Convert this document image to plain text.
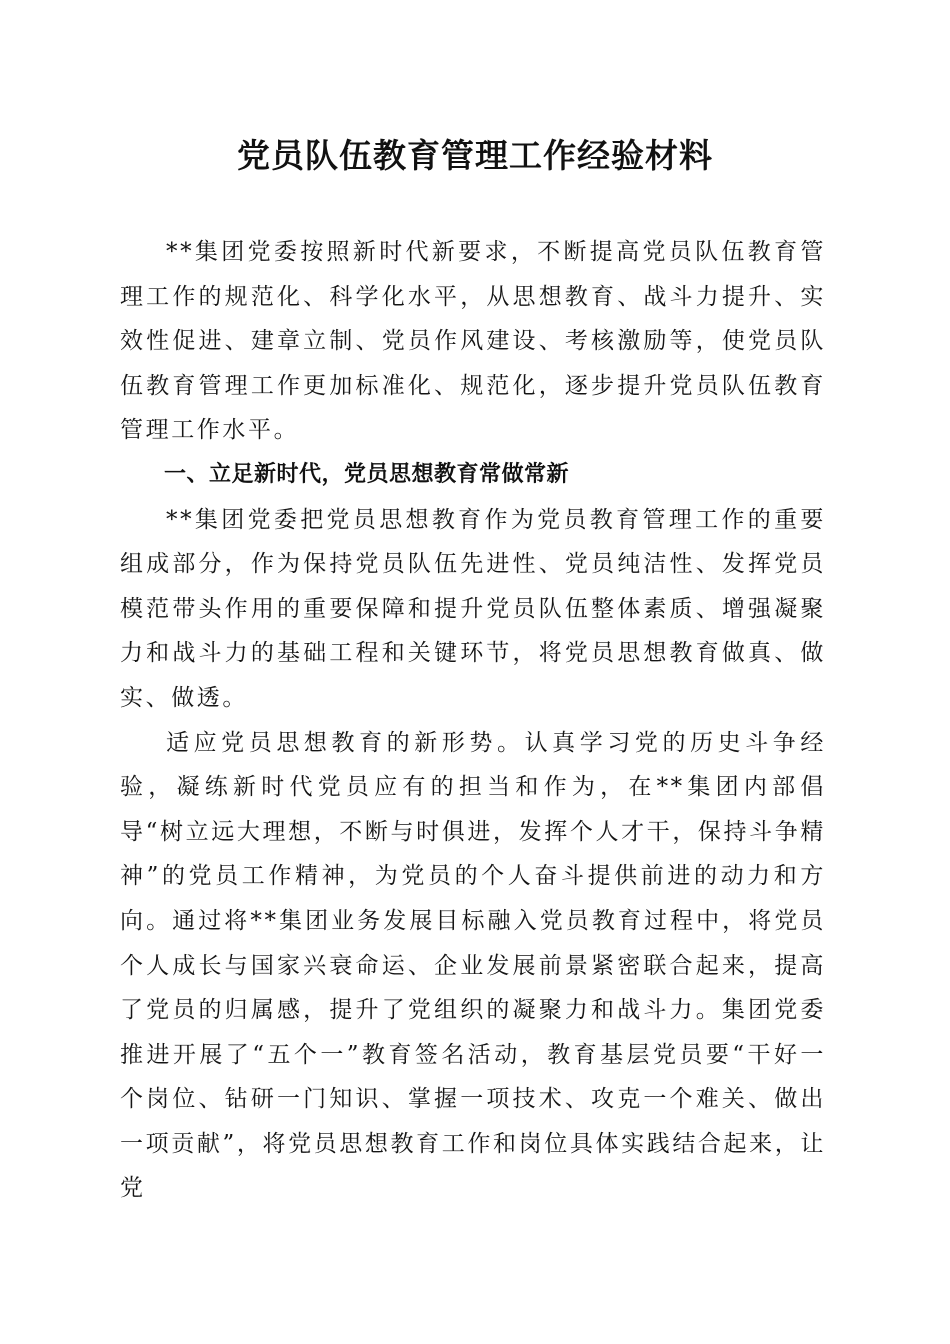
党员队伍教育管理工作经验材料

**集团党委按照新时代新要求，不断提高党员队伍教育管理工作的规范化、科学化水平，从思想教育、战斗力提升、实效性促进、建章立制、党员作风建设、考核激励等，使党员队伍教育管理工作更加标准化、规范化，逐步提升党员队伍教育管理工作水平。

一、立足新时代，党员思想教育常做常新

**集团党委把党员思想教育作为党员教育管理工作的重要组成部分，作为保持党员队伍先进性、党员纯洁性、发挥党员模范带头作用的重要保障和提升党员队伍整体素质、增强凝聚力和战斗力的基础工程和关键环节，将党员思想教育做真、做实、做透。

适应党员思想教育的新形势。认真学习党的历史斗争经验，凝练新时代党员应有的担当和作为，在**集团内部倡导“树立远大理想，不断与时俱进，发挥个人才干，保持斗争精神”的党员工作精神，为党员的个人奋斗提供前进的动力和方向。通过将**集团业务发展目标融入党员教育过程中，将党员个人成长与国家兴衰命运、企业发展前景紧密联合起来，提高了党员的归属感，提升了党组织的凝聚力和战斗力。集团党委推进开展了“五个一”教育签名活动，教育基层党员要“干好一个岗位、钻研一门知识、掌握一项技术、攻克一个难关、做出一项贡献”，将党员思想教育工作和岗位具体实践结合起来，让党
